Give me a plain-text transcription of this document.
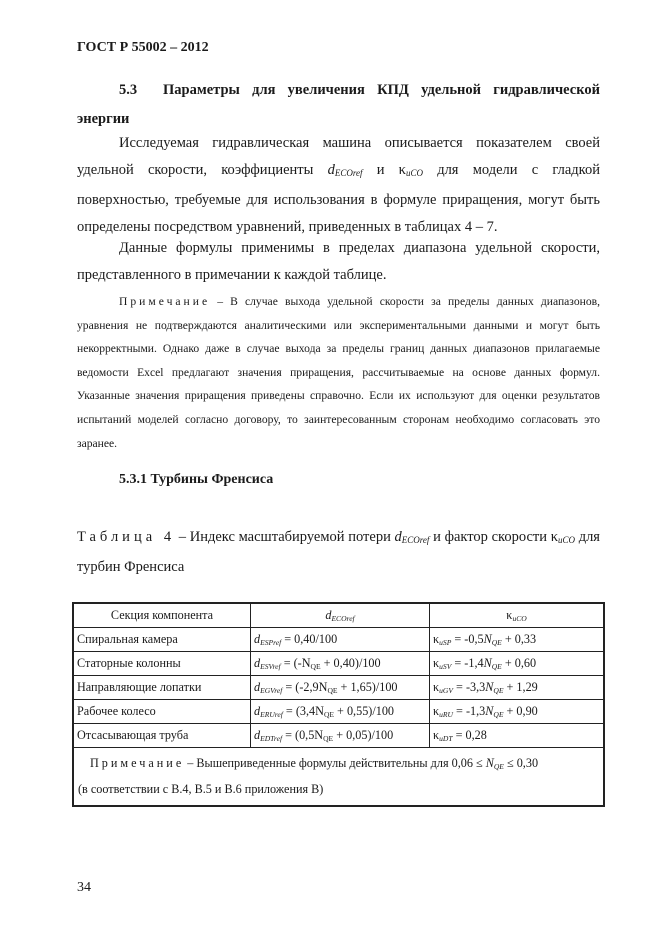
ГОСТ Р 55002 – 2012
5.3 Параметры для увеличения КПД удельной гидравлической
энергии
Исследуемая гидравлическая машина описывается показателем своей удельной скорости, коэффициенты dECOref и κuCO для модели с гладкой поверхностью, требуемые для использования в формуле приращения, могут быть определены посредством уравнений, приведенных в таблицах 4 – 7.
Данные формулы применимы в пределах диапазона удельной скорости, представленного в примечании к каждой таблице.
Примечание – В случае выхода удельной скорости за пределы данных диапазонов, уравнения не подтверждаются аналитическими или экспериментальными данными и могут быть некорректными. Однако даже в случае выхода за пределы границ данных диапазонов прилагаемые ведомости Excel предлагают значения приращения, рассчитываемые на основе данных формул. Указанные значения приращения приведены справочно. Если их используют для оценки результатов испытаний моделей согласно договору, то заинтересованным сторонам необходимо согласовать это заранее.
5.3.1 Турбины Френсиса
Таблица 4 – Индекс масштабируемой потери dECOref и фактор скорости κuCO для турбин Френсиса
Секция компонента	dECOref	κuCO
Спиральная камера	dESPref = 0,40/100	κuSP = -0,5NQE + 0,33
Статорные колонны	dESVref = (-NQE + 0,40)/100	κuSV = -1,4NQE + 0,60
Направляющие лопатки	dEGVref = (-2,9NQE + 1,65)/100	κuGV = -3,3NQE + 1,29
Рабочее колесо	dERUref = (3,4NQE + 0,55)/100	κuRU = -1,3NQE + 0,90
Отсасывающая труба	dEDTref = (0,5NQE + 0,05)/100	κuDT = 0,28

Примечание – Вышеприведенные формулы действительны для 0,06 ≤ NQE ≤ 0,30
(в соответствии с В.4, В.5 и В.6 приложения В)		
34
